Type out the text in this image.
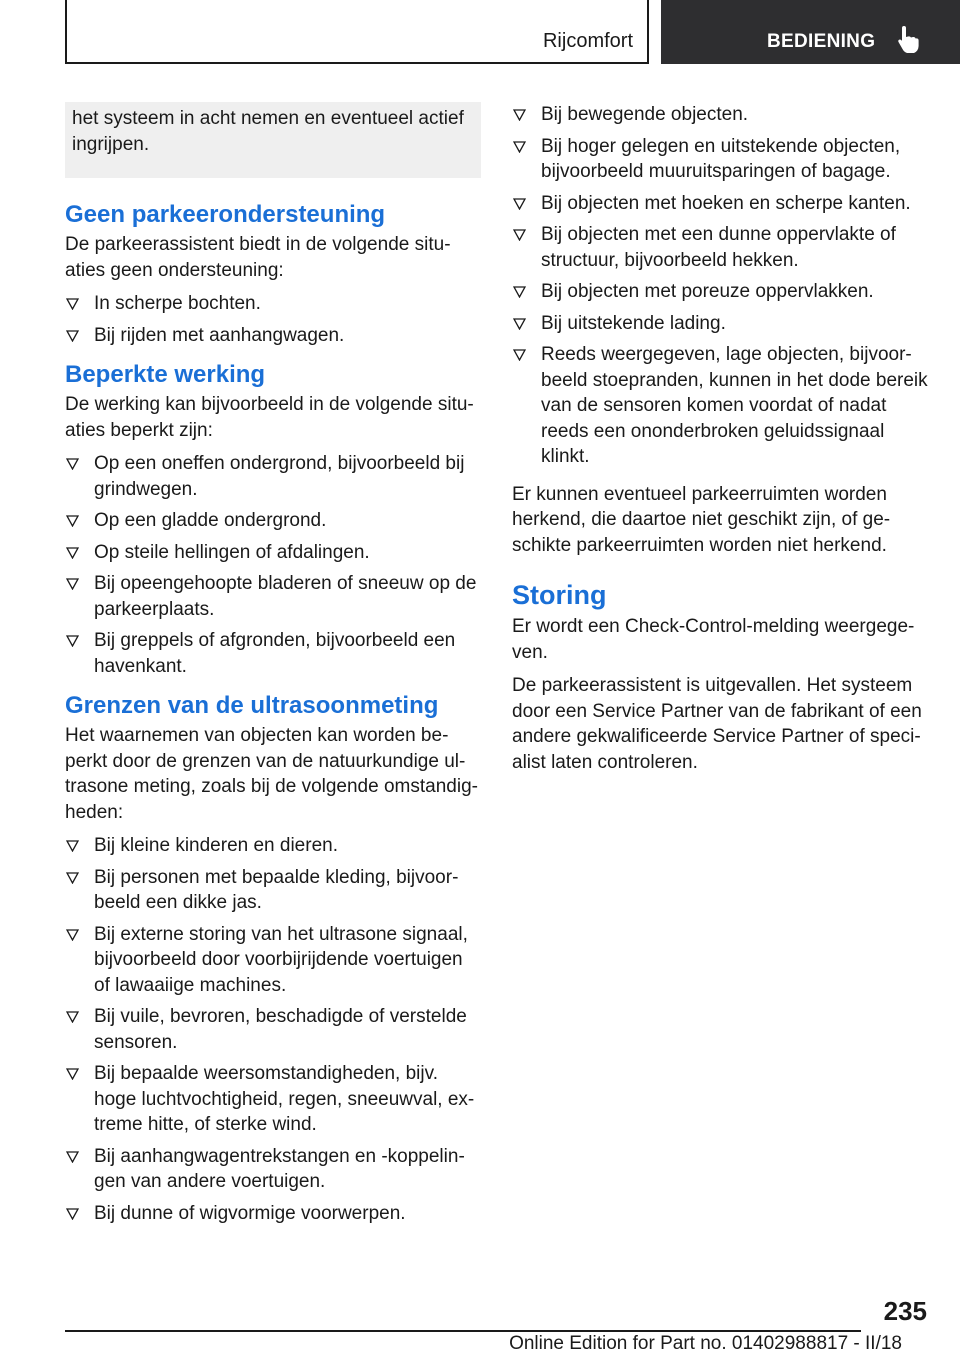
Rijcomfort	BEDIENING

het systeem in acht nemen en eventueel actief ingrijpen.

Geen parkeerondersteuning

De parkeerassistent biedt in de volgende situaties geen ondersteuning:

In scherpe bochten.
Bij rijden met aanhangwagen.
Beperkte werking

De werking kan bijvoorbeeld in de volgende situaties beperkt zijn:

Op een oneffen ondergrond, bijvoorbeeld bij grindwegen.
Op een gladde ondergrond.
Op steile hellingen of afdalingen.
Bij opeengehoopte bladeren of sneeuw op de parkeerplaats.
Bij greppels of afgronden, bijvoorbeeld een havenkant.
Grenzen van de ultrasoonmeting

Het waarnemen van objecten kan worden beperkt door de grenzen van de natuurkundige ultrasone meting, zoals bij de volgende omstandigheden:

Bij kleine kinderen en dieren.
Bij personen met bepaalde kleding, bijvoorbeeld een dikke jas.
Bij externe storing van het ultrasone signaal, bijvoorbeeld door voorbijrijdende voertuigen of lawaaiige machines.
Bij vuile, bevroren, beschadigde of verstelde sensoren.
Bij bepaalde weersomstandigheden, bijv. hoge luchtvochtigheid, regen, sneeuwval, extreme hitte, of sterke wind.
Bij aanhangwagentrekstangen en -koppelingen van andere voertuigen.
Bij dunne of wigvormige voorwerpen.
Bij bewegende objecten.
Bij hoger gelegen en uitstekende objecten, bijvoorbeeld muuruitsparingen of bagage.
Bij objecten met hoeken en scherpe kanten.
Bij objecten met een dunne oppervlakte of structuur, bijvoorbeeld hekken.
Bij objecten met poreuze oppervlakken.
Bij uitstekende lading.
Reeds weergegeven, lage objecten, bijvoorbeeld stoepranden, kunnen in het dode bereik van de sensoren komen voordat of nadat reeds een ononderbroken geluidssignaal klinkt.

Er kunnen eventueel parkeerruimten worden herkend, die daartoe niet geschikt zijn, of geschikte parkeerruimten worden niet herkend.

Storing

Er wordt een Check-Control-melding weergegeven.

De parkeerassistent is uitgevallen. Het systeem door een Service Partner van de fabrikant of een andere gekwalificeerde Service Partner of specialist laten controleren.

235
Online Edition for Part no. 01402988817 - II/18
